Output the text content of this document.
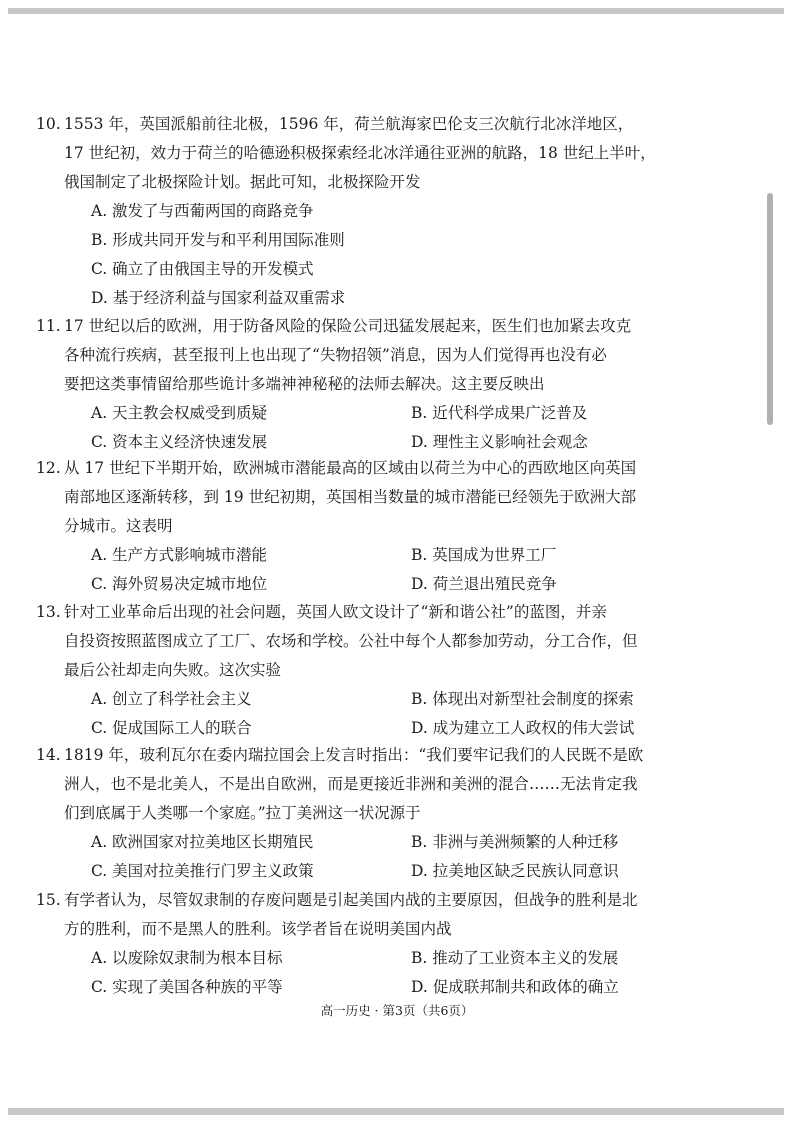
10. 1553 年，英国派船前往北极，1596 年，荷兰航海家巴伦支三次航行北冰洋地区，
17 世纪初，效力于荷兰的哈德逊积极探索经北冰洋通往亚洲的航路，18 世纪上半叶，
俄国制定了北极探险计划。据此可知，北极探险开发
A. 激发了与西葡两国的商路竞争
B. 形成共同开发与和平利用国际准则
C. 确立了由俄国主导的开发模式
D. 基于经济利益与国家利益双重需求
11. 17 世纪以后的欧洲，用于防备风险的保险公司迅猛发展起来，医生们也加紧去攻克
各种流行疾病，甚至报刊上也出现了“失物招领”消息，因为人们觉得再也没有必
要把这类事情留给那些诡计多端神神秘秘的法师去解决。这主要反映出
A. 天主教会权威受到质疑	B. 近代科学成果广泛普及
C. 资本主义经济快速发展	D. 理性主义影响社会观念
12. 从 17 世纪下半期开始，欧洲城市潜能最高的区域由以荷兰为中心的西欧地区向英国
南部地区逐渐转移，到 19 世纪初期，英国相当数量的城市潜能已经领先于欧洲大部
分城市。这表明
A. 生产方式影响城市潜能	B. 英国成为世界工厂
C. 海外贸易决定城市地位	D. 荷兰退出殖民竞争
13. 针对工业革命后出现的社会问题，英国人欧文设计了“新和谐公社”的蓝图，并亲
自投资按照蓝图成立了工厂、农场和学校。公社中每个人都参加劳动，分工合作，但
最后公社却走向失败。这次实验
A. 创立了科学社会主义	B. 体现出对新型社会制度的探索
C. 促成国际工人的联合	D. 成为建立工人政权的伟大尝试
14. 1819 年，玻利瓦尔在委内瑞拉国会上发言时指出：“我们要牢记我们的人民既不是欧
洲人，也不是北美人，不是出自欧洲，而是更接近非洲和美洲的混合……无法肯定我
们到底属于人类哪一个家庭。”拉丁美洲这一状况源于
A. 欧洲国家对拉美地区长期殖民	B. 非洲与美洲频繁的人种迁移
C. 美国对拉美推行门罗主义政策	D. 拉美地区缺乏民族认同意识
15. 有学者认为，尽管奴隶制的存废问题是引起美国内战的主要原因，但战争的胜利是北
方的胜利，而不是黑人的胜利。该学者旨在说明美国内战
A. 以废除奴隶制为根本目标	B. 推动了工业资本主义的发展
C. 实现了美国各种族的平等	D. 促成联邦制共和政体的确立
高一历史 · 第3页（共6页）
